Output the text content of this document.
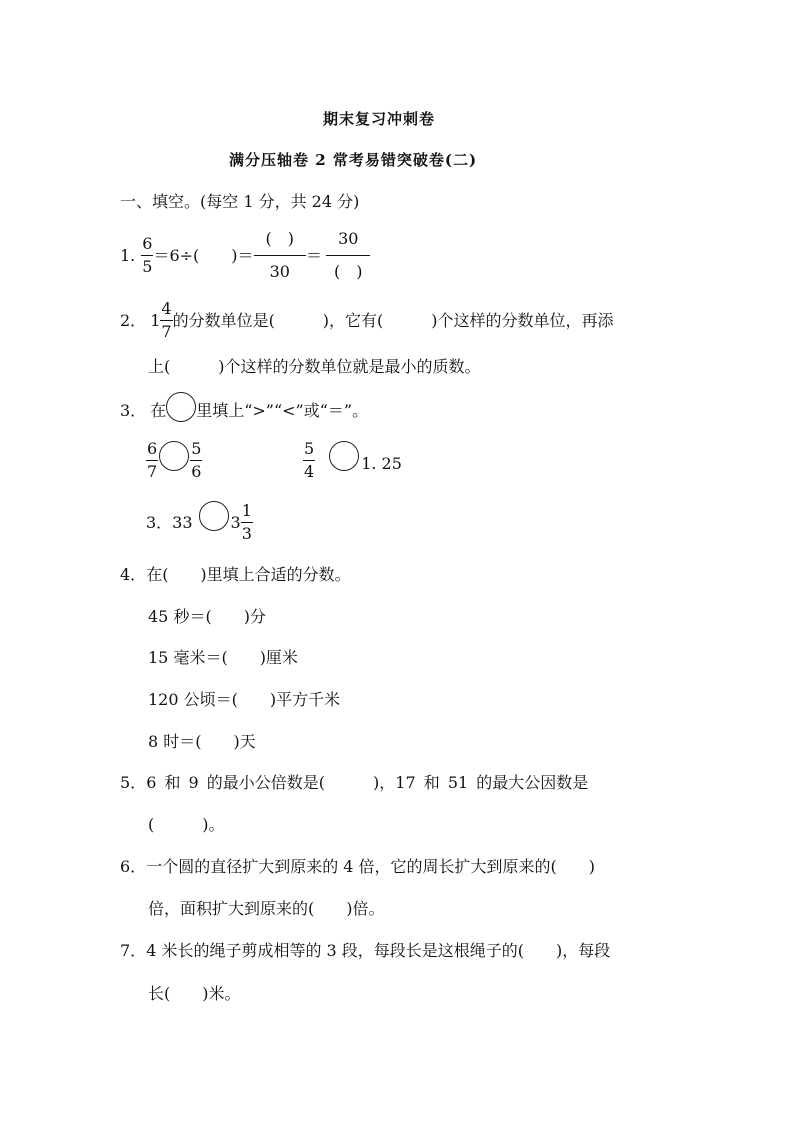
期末复习冲刺卷
满分压轴卷 2 常考易错突破卷(二)
一、填空。(每空 1 分，共 24 分)
1. $\frac{6}{5} =6\div$(　　)＝ $\frac{( )}{30} = \frac{30}{( )}$
2． $1 \frac{4}{7}$ 的分数单位是(　　　)，它有(　　　)个这样的分数单位，再添
上(　　　)个这样的分数单位就是最小的质数。
3． 在 里填上“>”“<”或“＝”。
$\frac{6}{7} \frac{5}{6}$	$\frac{5}{4}$	1. 25
3．33 $3 \frac{1}{3}$
4．在(　　)里填上合适的分数。
45 秒＝(　　)分
15 毫米＝(　　)厘米
120 公顷＝(　　)平方千米
8 时＝(　　)天
5．6 和 9 的最小公倍数是(　　　)，17 和 51 的最大公因数是
(　　　)。
6．一个圆的直径扩大到原来的 4 倍，它的周长扩大到原来的(　　)
倍，面积扩大到原来的(　　)倍。
7．4 米长的绳子剪成相等的 3 段，每段长是这根绳子的(　　)，每段
长(　　)米。
